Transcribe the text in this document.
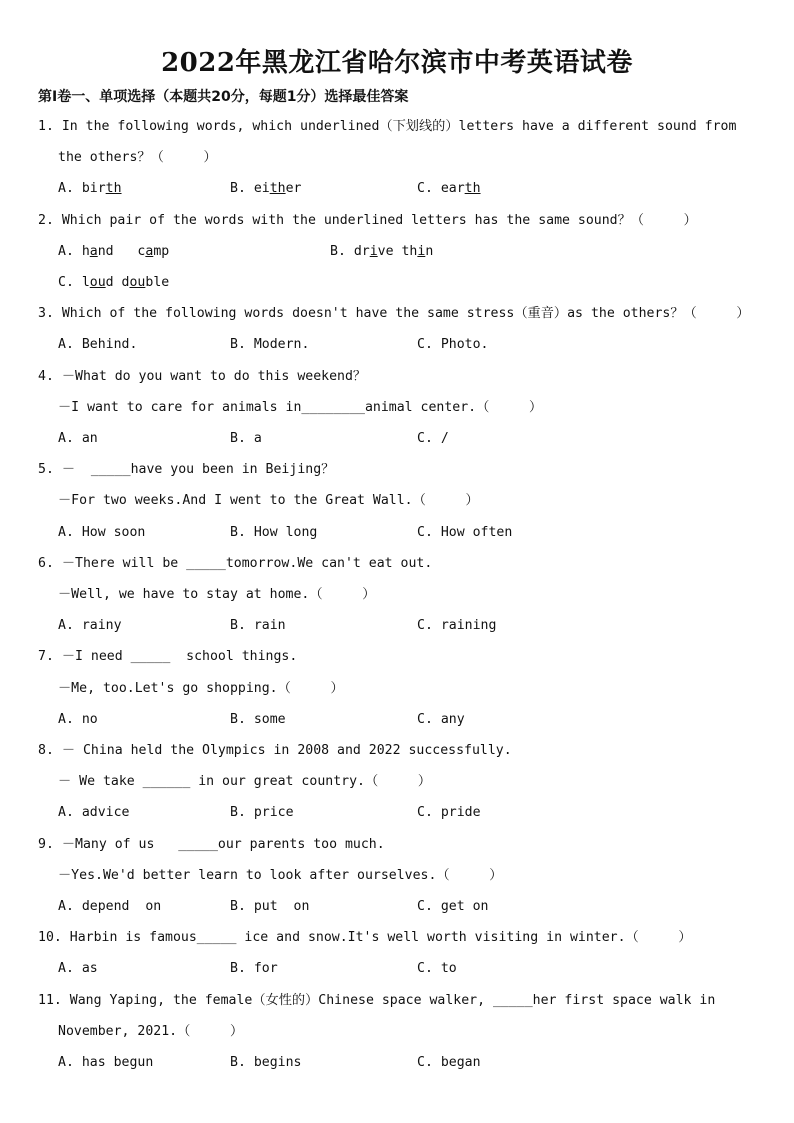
2022年黑龙江省哈尔滨市中考英语试卷
第Ⅰ卷一、单项选择（本题共20分，每题1分）选择最佳答案
1. In the following words, which underlined（下划线的）letters have a different sound from
the others？（     ）
A. birth	B. either	C. earth
2. Which pair of the words with the underlined letters has the same sound？（     ）
A. hand   camp	B. drive thin
C. loud double
3. Which of the following words doesn't have the same stress（重音）as the others？（     ）
A. Behind.	B. Modern.	C. Photo.
4. －What do you want to do this weekend？
－I want to care for animals in________animal center.（     ）
A. an	B. a	C. /
5. －  _____have you been in Beijing？
－For two weeks.And I went to the Great Wall.（     ）
A. How soon	B. How long	C. How often
6. －There will be _____tomorrow.We can't eat out.
－Well, we have to stay at home.（     ）
A. rainy	B. rain	C. raining
7. －I need _____  school things.
－Me, too.Let's go shopping.（     ）
A. no	B. some	C. any
8. － China held the Olympics in 2008 and 2022 successfully.
－ We take ______ in our great country.（     ）
A. advice	B. price	C. pride
9. －Many of us   _____our parents too much.
－Yes.We'd better learn to look after ourselves.（     ）
A. depend  on	B. put  on	C. get on
10. Harbin is famous_____ ice and snow.It's well worth visiting in winter.（     ）
A. as	B. for	C. to
11. Wang Yaping, the female（女性的）Chinese space walker, _____her first space walk in
November, 2021.（     ）
A. has begun	B. begins	C. began
